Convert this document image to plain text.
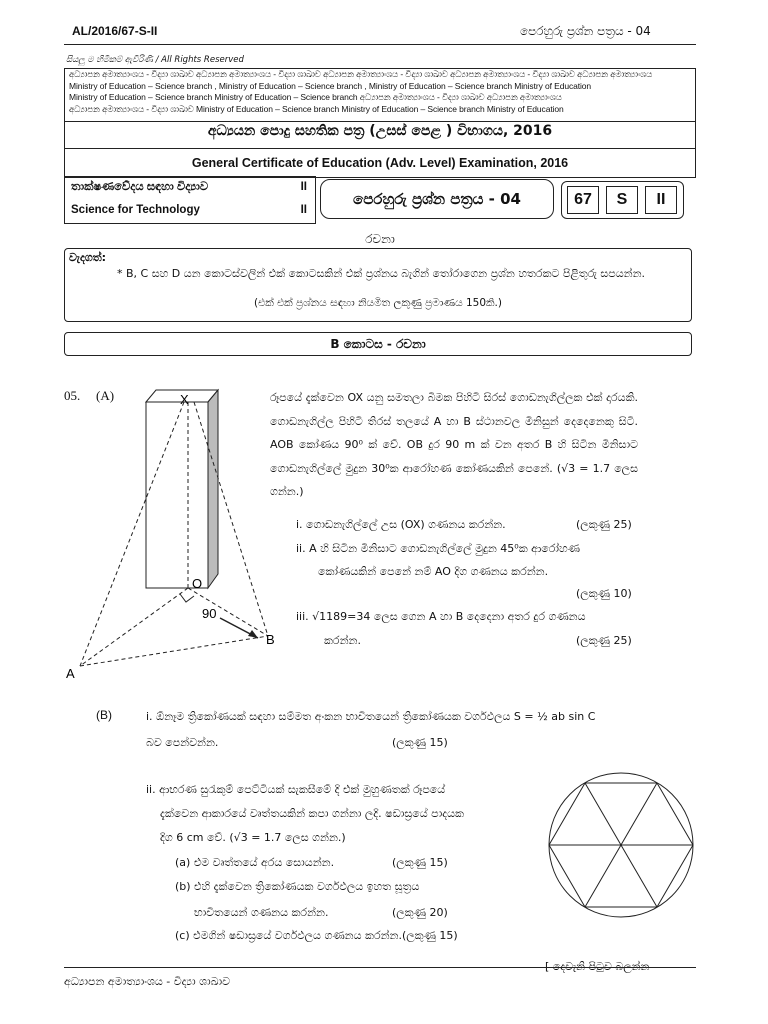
AL/2016/67-S-II	පෙරහුරු ප්‍රශ්න පත්‍රය - 04
සියලු ම හිමිකම් ඇවිරිණි / All Rights Reserved
අධ්‍යාපන අමාත්‍යාංශය - විද්‍යා ශාඛාව අධ්‍යාපන අමාත්‍යාංශය - විද්‍යා ශාඛාව අධ්‍යාපන අමාත්‍යාංශය - විද්‍යා ශාඛාව අධ්‍යාපන අමාත්‍යාංශය - විද්‍යා ශාඛාව අධ්‍යාපන අමාත්‍යාංශය
Ministry of Education – Science branch , Ministry of Education – Science branch , Ministry of Education – Science branch Ministry of Education
Ministry of Education – Science branch Ministry of Education – Science branch අධ්‍යාපන අමාත්‍යාංශය - විද්‍යා ශාඛාව අධ්‍යාපන අමාත්‍යාංශය
අධ්‍යාපන අමාත්‍යාංශය - විද්‍යා ශාඛාව Ministry of Education – Science branch Ministry of Education – Science branch Ministry of Education
අධ්‍යයන පොදු සහතික පත්‍ර (උසස් පෙළ ) විභාගය, 2016
General Certificate of Education (Adv. Level) Examination, 2016
තාක්ෂණවේදය සඳහා විද්‍යාව	II
Science for Technology	II
පෙරහුරු ප්‍රශ්න පත්‍රය - 04	67	S	II
රචනා
වැදගත්:
* B, C සහ D යන කොටස්වලින් එක් කොටසකින් එක් ප්‍රශ්නය බැගින් තෝරාගෙන ප්‍රශ්න හතරකට පිළිතුරු සපයන්න.
(එක් එක් ප්‍රශ්නය සඳහා නියමිත ලකුණු ප්‍රමාණය 150කි.)
B කොටස - රචනා
05. (A)	X
O
A
B
90
රූපයේ දැක්වෙන OX යනු සමතලා බිමක පිහිටි සිරස් ගොඩනැගිල්ලක එක් දාරයකි. ගොඩනැගිල්ල පිහිටි තිරස් තලයේ A හා B ස්ථානවල මිනිසුන් දෙදෙනෙකු සිටී. AOB කෝණය 90⁰ ක් වේ. OB දුර 90 m ක් වන අතර B හි සිටින මිනිසාට ගොඩනැගිල්ලේ මුදුන 30⁰ක ආරෝහණ කෝණයකින් පෙනේ. (√3 = 1.7 ලෙස ගන්න.)
i. ගොඩනැගිල්ලේ උස (OX) ගණනය කරන්න.	(ලකුණු 25)
ii. A හි සිටින මිනිසාට ගොඩනැගිල්ලේ මුදුන 45⁰ක ආරෝහණ
කෝණයකින් පෙනේ නම් AO දිග ගණනය කරන්න.
(ලකුණු 10)
iii. √1189=34 ලෙස ගෙන A හා B දෙදෙනා අතර දුර ගණනය
කරන්න.	(ලකුණු 25)
(B)	i. ඕනෑම ත්‍රිකෝණයක් සඳහා සම්මත අංකන භාවිතයෙන් ත්‍රිකෝණයක වර්ගඵලය S = ½ ab sin C
බව පෙන්වන්න.	(ලකුණු 15)
ii. ආභරණ සුරැකුම් පෙට්ටියක් සැකසීමේ දි එක් මුහුණතක් රූපයේ
දැක්වෙන ආකාරයේ වෘත්තයකින් කපා ගන්නා ලදි. ෂඩාස්‍රයේ පාදයක
දිග 6 cm වේ. (√3 = 1.7 ලෙස ගන්න.)
(a) එම වෘත්තයේ අරය සොයන්න.	(ලකුණු 15)
(b) එහි දැක්වෙන ත්‍රිකෝණයක වර්ගඵලය ඉහත සූත්‍රය
භාවිතයෙන් ගණනය කරන්න.	(ලකුණු 20)
(c) එමගින් ෂඩාස්‍රයේ වර්ගඵලය ගණනය කරන්න.(ලකුණු 15)
[ දෙවැනි පිටුව බලන්න
අධ්‍යාපන අමාත්‍යාංශය - විද්‍යා ශාඛාව
